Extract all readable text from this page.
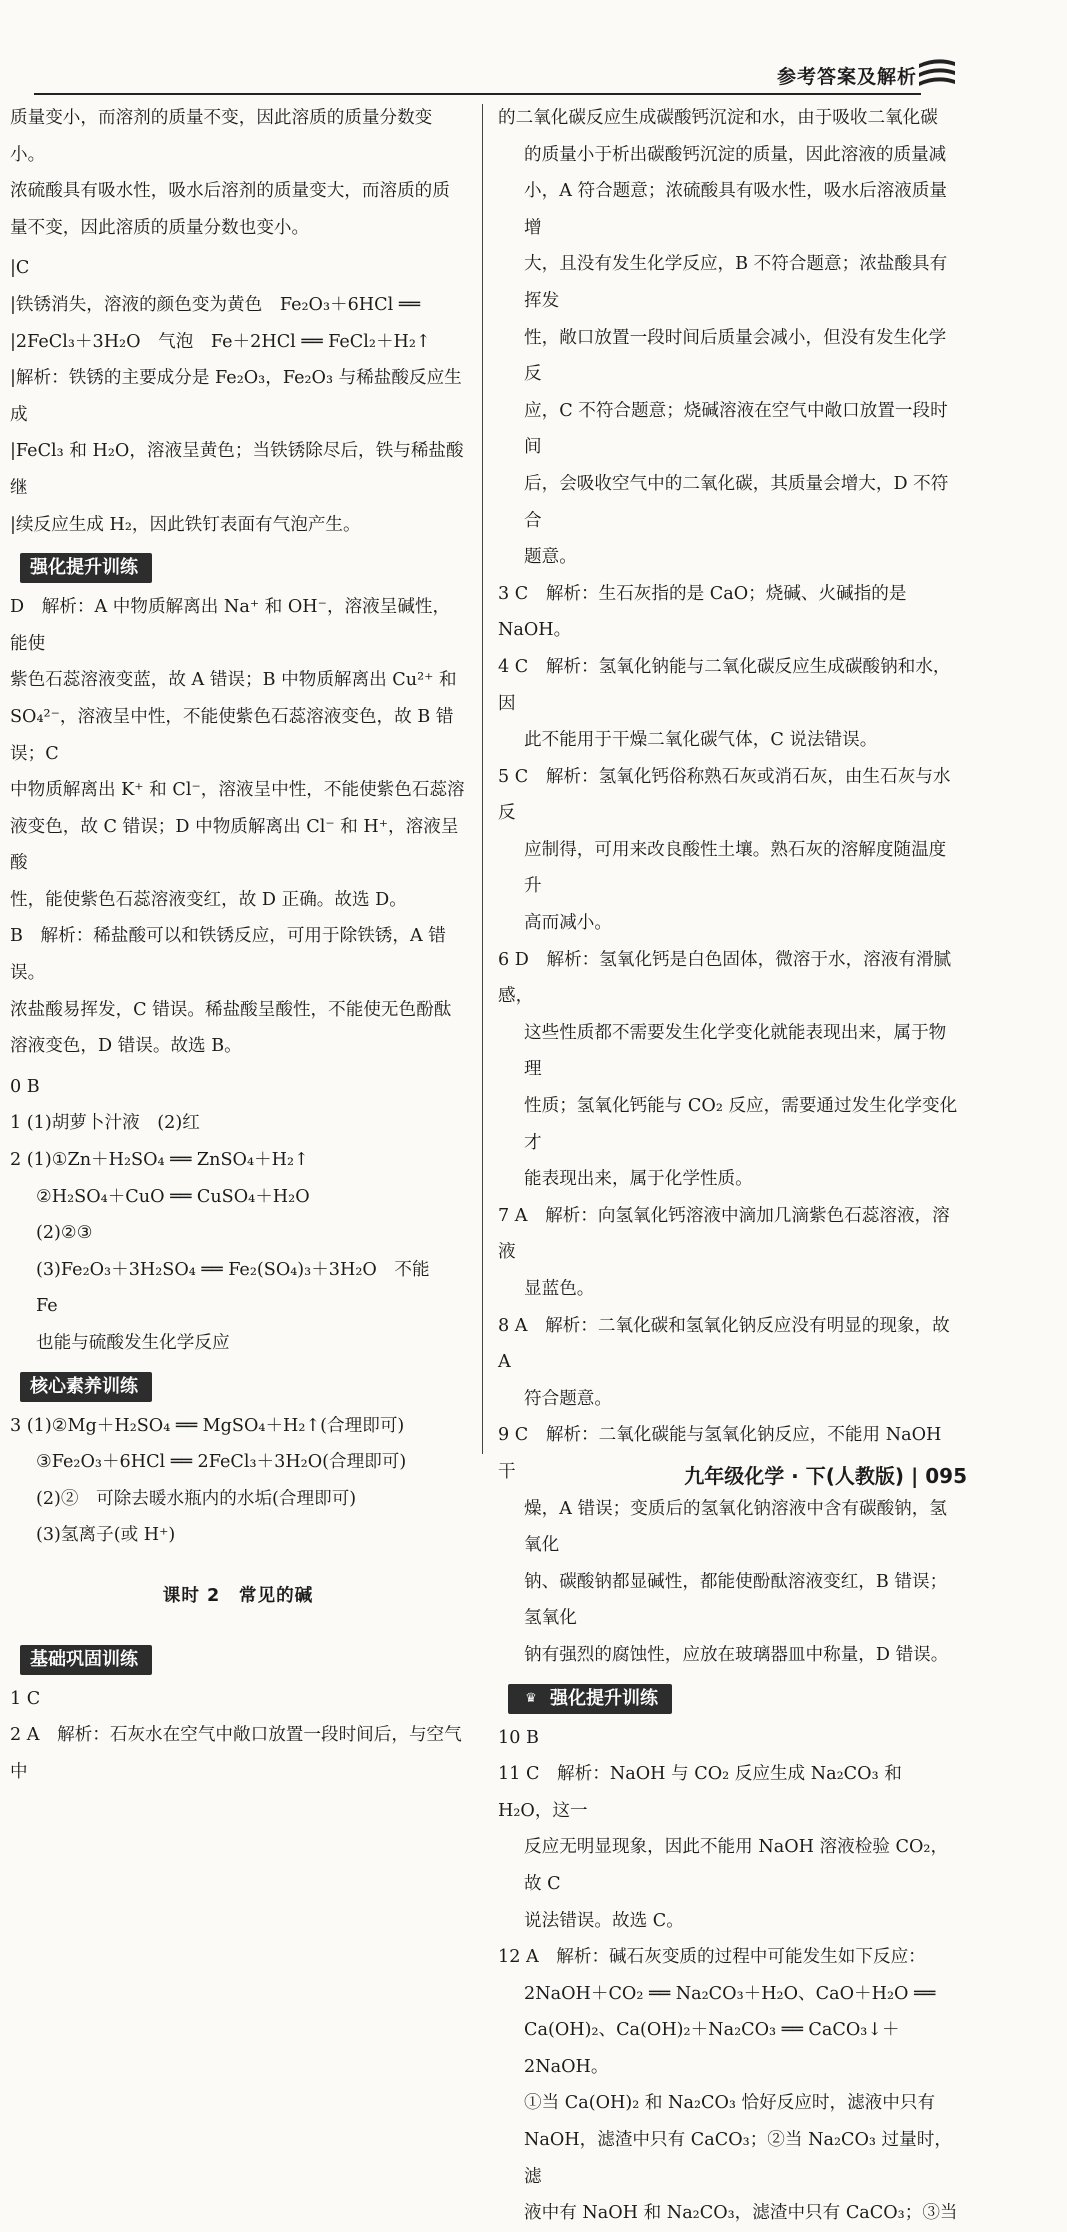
参考答案及解析

质量变小，而溶剂的质量不变，因此溶质的质量分数变小。

浓硫酸具有吸水性，吸水后溶剂的质量变大，而溶质的质

量不变，因此溶质的质量分数也变小。

|C

|铁锈消失，溶液的颜色变为黄色　Fe₂O₃＋6HCl ══

|2FeCl₃＋3H₂O　气泡　Fe＋2HCl ══ FeCl₂＋H₂↑

|解析：铁锈的主要成分是 Fe₂O₃，Fe₂O₃ 与稀盐酸反应生成

|FeCl₃ 和 H₂O，溶液呈黄色；当铁锈除尽后，铁与稀盐酸继

|续反应生成 H₂，因此铁钉表面有气泡产生。

强化提升训练

D　解析：A 中物质解离出 Na⁺ 和 OH⁻，溶液呈碱性，能使

紫色石蕊溶液变蓝，故 A 错误；B 中物质解离出 Cu²⁺ 和

SO₄²⁻，溶液呈中性，不能使紫色石蕊溶液变色，故 B 错误；C

中物质解离出 K⁺ 和 Cl⁻，溶液呈中性，不能使紫色石蕊溶

液变色，故 C 错误；D 中物质解离出 Cl⁻ 和 H⁺，溶液呈酸

性，能使紫色石蕊溶液变红，故 D 正确。故选 D。

B　解析：稀盐酸可以和铁锈反应，可用于除铁锈，A 错误。

浓盐酸易挥发，C 错误。稀盐酸呈酸性，不能使无色酚酞

溶液变色，D 错误。故选 B。

0 B

1 (1)胡萝卜汁液　(2)红

2 (1)①Zn＋H₂SO₄ ══ ZnSO₄＋H₂↑

②H₂SO₄＋CuO ══ CuSO₄＋H₂O

(2)②③

(3)Fe₂O₃＋3H₂SO₄ ══ Fe₂(SO₄)₃＋3H₂O　不能　Fe

也能与硫酸发生化学反应

核心素养训练

3 (1)②Mg＋H₂SO₄ ══ MgSO₄＋H₂↑(合理即可)

③Fe₂O₃＋6HCl ══ 2FeCl₃＋3H₂O(合理即可)

(2)②　可除去暖水瓶内的水垢(合理即可)

(3)氢离子(或 H⁺)

课时 2　常见的碱

基础巩固训练

1 C

2 A　解析：石灰水在空气中敞口放置一段时间后，与空气中

的二氧化碳反应生成碳酸钙沉淀和水，由于吸收二氧化碳

的质量小于析出碳酸钙沉淀的质量，因此溶液的质量减

小，A 符合题意；浓硫酸具有吸水性，吸水后溶液质量增

大，且没有发生化学反应，B 不符合题意；浓盐酸具有挥发

性，敞口放置一段时间后质量会减小，但没有发生化学反

应，C 不符合题意；烧碱溶液在空气中敞口放置一段时间

后，会吸收空气中的二氧化碳，其质量会增大，D 不符合

题意。

3 C　解析：生石灰指的是 CaO；烧碱、火碱指的是 NaOH。

4 C　解析：氢氧化钠能与二氧化碳反应生成碳酸钠和水，因

此不能用于干燥二氧化碳气体，C 说法错误。

5 C　解析：氢氧化钙俗称熟石灰或消石灰，由生石灰与水反

应制得，可用来改良酸性土壤。熟石灰的溶解度随温度升

高而减小。

6 D　解析：氢氧化钙是白色固体，微溶于水，溶液有滑腻感，

这些性质都不需要发生化学变化就能表现出来，属于物理

性质；氢氧化钙能与 CO₂ 反应，需要通过发生化学变化才

能表现出来，属于化学性质。

7 A　解析：向氢氧化钙溶液中滴加几滴紫色石蕊溶液，溶液

显蓝色。

8 A　解析：二氧化碳和氢氧化钠反应没有明显的现象，故 A

符合题意。

9 C　解析：二氧化碳能与氢氧化钠反应，不能用 NaOH 干

燥，A 错误；变质后的氢氧化钠溶液中含有碳酸钠，氢氧化

钠、碳酸钠都显碱性，都能使酚酞溶液变红，B 错误；氢氧化

钠有强烈的腐蚀性，应放在玻璃器皿中称量，D 错误。

♛ 强化提升训练

10 B

11 C　解析：NaOH 与 CO₂ 反应生成 Na₂CO₃ 和 H₂O，这一

反应无明显现象，因此不能用 NaOH 溶液检验 CO₂，故 C

说法错误。故选 C。

12 A　解析：碱石灰变质的过程中可能发生如下反应：

2NaOH＋CO₂ ══ Na₂CO₃＋H₂O、CaO＋H₂O ══

Ca(OH)₂、Ca(OH)₂＋Na₂CO₃ ══ CaCO₃↓＋2NaOH。

①当 Ca(OH)₂ 和 Na₂CO₃ 恰好反应时，滤液中只有

NaOH，滤渣中只有 CaCO₃；②当 Na₂CO₃ 过量时，滤

液中有 NaOH 和 Na₂CO₃，滤渣中只有 CaCO₃；③当

九年级化学 · 下(人教版) | 095
